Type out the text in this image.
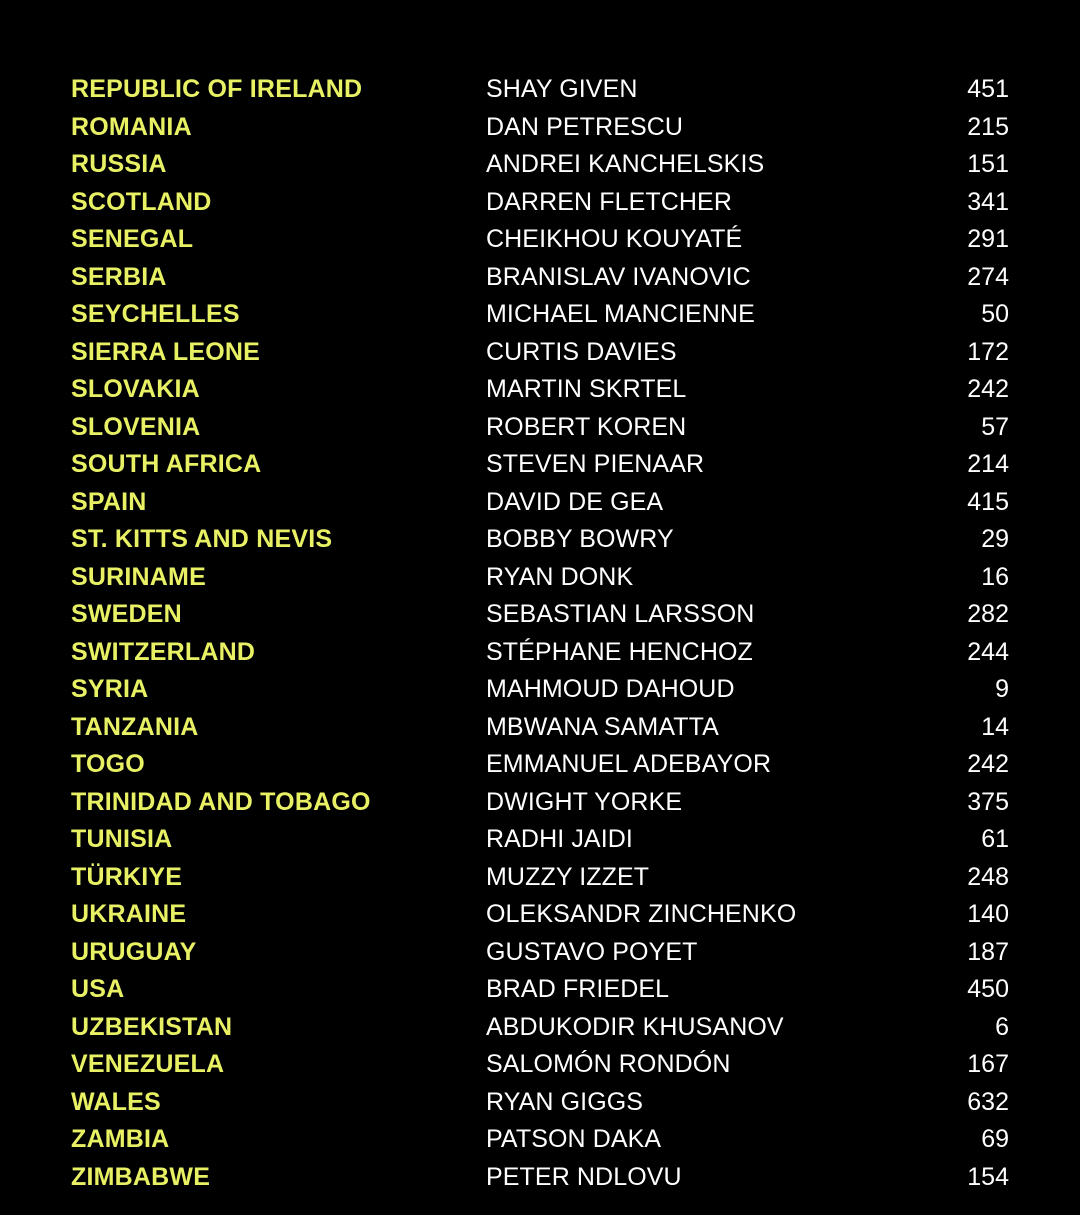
REPUBLIC OF IRELAND	SHAY GIVEN	451
ROMANIA	DAN PETRESCU	215
RUSSIA	ANDREI KANCHELSKIS	151
SCOTLAND	DARREN FLETCHER	341
SENEGAL	CHEIKHOU KOUYATÉ	291
SERBIA	BRANISLAV IVANOVIC	274
SEYCHELLES	MICHAEL MANCIENNE	50
SIERRA LEONE	CURTIS DAVIES	172
SLOVAKIA	MARTIN SKRTEL	242
SLOVENIA	ROBERT KOREN	57
SOUTH AFRICA	STEVEN PIENAAR	214
SPAIN	DAVID DE GEA	415
ST. KITTS AND NEVIS	BOBBY BOWRY	29
SURINAME	RYAN DONK	16
SWEDEN	SEBASTIAN LARSSON	282
SWITZERLAND	STÉPHANE HENCHOZ	244
SYRIA	MAHMOUD DAHOUD	9
TANZANIA	MBWANA SAMATTA	14
TOGO	EMMANUEL ADEBAYOR	242
TRINIDAD AND TOBAGO	DWIGHT YORKE	375
TUNISIA	RADHI JAIDI	61
TÜRKIYE	MUZZY IZZET	248
UKRAINE	OLEKSANDR ZINCHENKO	140
URUGUAY	GUSTAVO POYET	187
USA	BRAD FRIEDEL	450
UZBEKISTAN	ABDUKODIR KHUSANOV	6
VENEZUELA	SALOMÓN RONDÓN	167
WALES	RYAN GIGGS	632
ZAMBIA	PATSON DAKA	69
ZIMBABWE	PETER NDLOVU	154
